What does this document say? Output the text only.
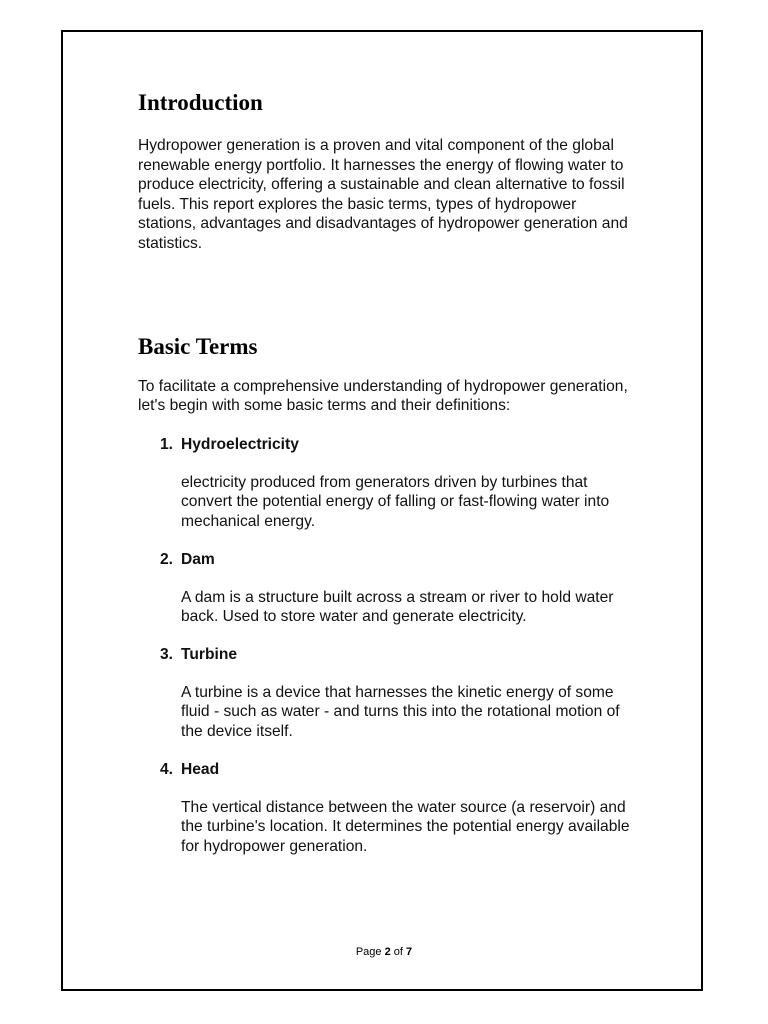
Introduction

Hydropower generation is a proven and vital component of the global renewable energy portfolio. It harnesses the energy of flowing water to produce electricity, offering a sustainable and clean alternative to fossil fuels. This report explores the basic terms, types of hydropower stations, advantages and disadvantages of hydropower generation and statistics.

Basic Terms

To facilitate a comprehensive understanding of hydropower generation, let's begin with some basic terms and their definitions:

1. Hydroelectricity

electricity produced from generators driven by turbines that convert the potential energy of falling or fast-flowing water into mechanical energy.

2. Dam

A dam is a structure built across a stream or river to hold water back. Used to store water and generate electricity.

3. Turbine

A turbine is a device that harnesses the kinetic energy of some fluid - such as water - and turns this into the rotational motion of the device itself.

4. Head

The vertical distance between the water source (a reservoir) and the turbine's location. It determines the potential energy available for hydropower generation.

Page 2 of 7
